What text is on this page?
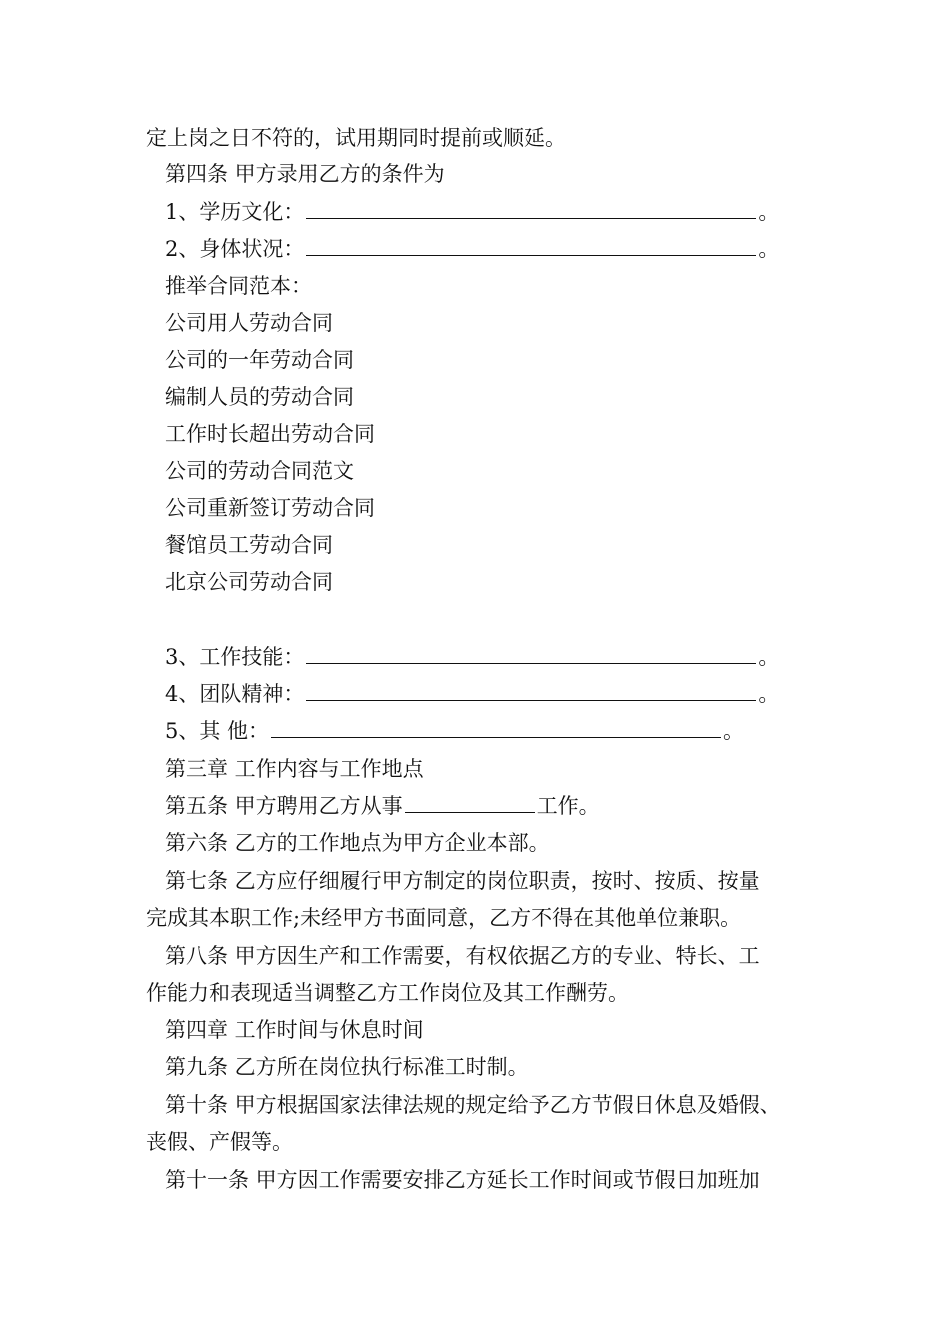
定上岗之日不符的，试用期同时提前或顺延。
第四条 甲方录用乙方的条件为
1、学历文化：	。
2、身体状况：	。
推举合同范本：
公司用人劳动合同
公司的一年劳动合同
编制人员的劳动合同
工作时长超出劳动合同
公司的劳动合同范文
公司重新签订劳动合同
餐馆员工劳动合同
北京公司劳动合同
3、工作技能：	。
4、团队精神：	。
5、其 他：	。
第三章 工作内容与工作地点
第五条 甲方聘用乙方从事	工作。
第六条 乙方的工作地点为甲方企业本部。
第七条 乙方应仔细履行甲方制定的岗位职责，按时、按质、按量
完成其本职工作;未经甲方书面同意，乙方不得在其他单位兼职。
第八条 甲方因生产和工作需要，有权依据乙方的专业、特长、工
作能力和表现适当调整乙方工作岗位及其工作酬劳。
第四章 工作时间与休息时间
第九条 乙方所在岗位执行标准工时制。
第十条 甲方根据国家法律法规的规定给予乙方节假日休息及婚假、
丧假、产假等。
第十一条 甲方因工作需要安排乙方延长工作时间或节假日加班加
